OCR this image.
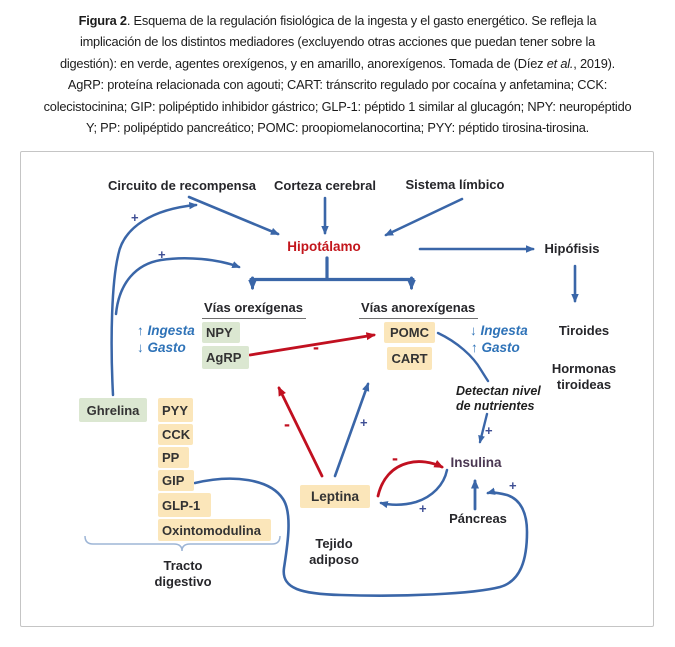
Figura 2. Esquema de la regulación fisiológica de la ingesta y el gasto energético. Se refleja la
implicación de los distintos mediadores (excluyendo otras acciones que puedan tener sobre la
digestión): en verde, agentes orexígenos, y en amarillo, anorexígenos. Tomada de (Díez et al., 2019).
AgRP: proteína relacionada con agouti; CART: tránscrito regulado por cocaína y anfetamina; CCK:
colecistocinina; GIP: polipéptido inhibidor gástrico; GLP-1: péptido 1 similar al glucagón; NPY: neuropéptido
Y; PP: polipéptido pancreático; POMC: proopiomelanocortina; PYY: péptido tirosina-tirosina.
Circuito de recompensa Corteza cerebral Sistema límbico
Hipotálamo	Hipófisis
Vías orexígenas	Vías anorexígenas
NPY
AgRP
POMC
CART
↑ Ingesta
↓ Gasto
↓ Ingesta
↑ Gasto
Tiroides
Hormonas tiroideas
Detectan nivel de nutrientes
Ghrelina	PYY
CCK
PP
GIP
GLP-1
Oxintomodulina
Tracto digestivo
Leptina
Tejido adiposo
Insulina
Páncreas
+
+
+
+
+
+
-
-
-
